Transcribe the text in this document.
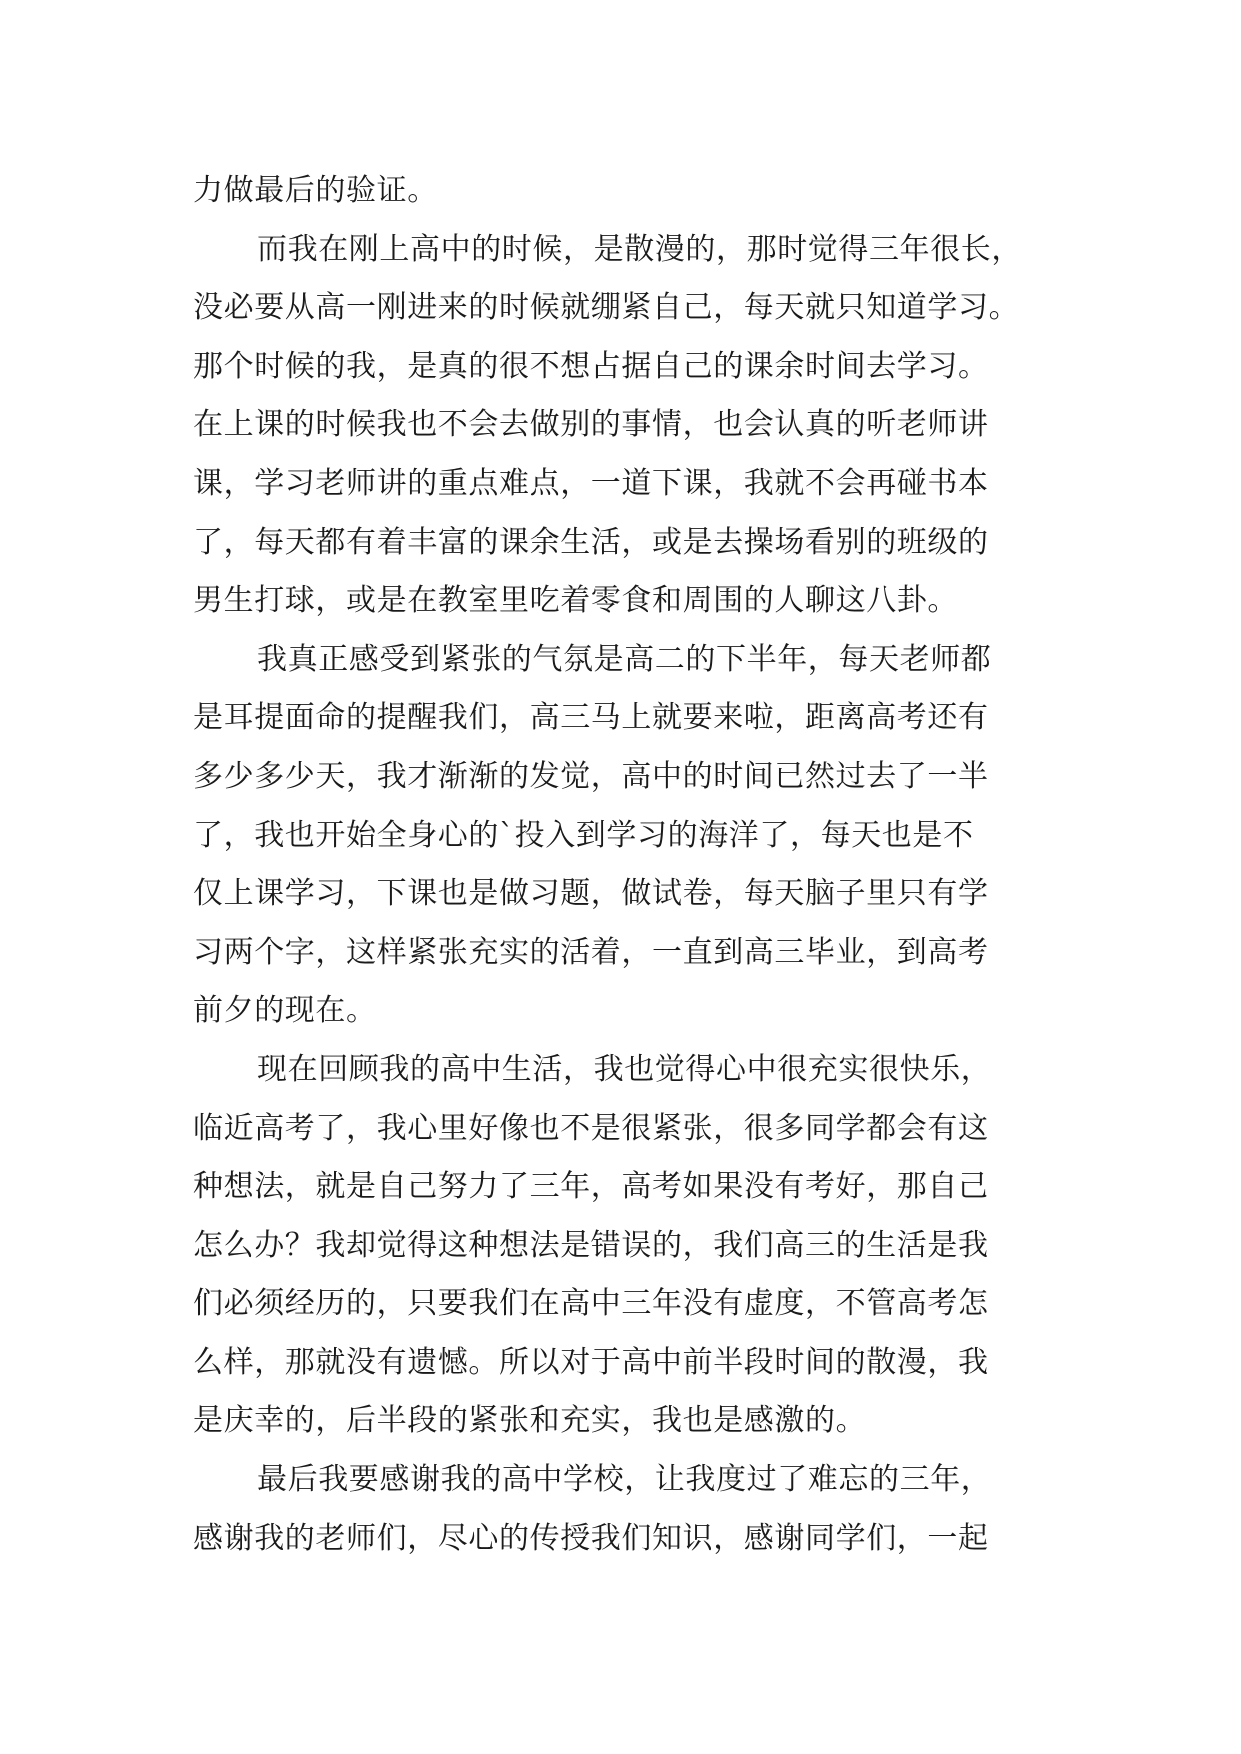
力做最后的验证。
而我在刚上高中的时候，是散漫的，那时觉得三年很长，
没必要从高一刚进来的时候就绷紧自己，每天就只知道学习。
那个时候的我，是真的很不想占据自己的课余时间去学习。
在上课的时候我也不会去做别的事情，也会认真的听老师讲
课，学习老师讲的重点难点，一道下课，我就不会再碰书本
了，每天都有着丰富的课余生活，或是去操场看别的班级的
男生打球，或是在教室里吃着零食和周围的人聊这八卦。
我真正感受到紧张的气氛是高二的下半年，每天老师都
是耳提面命的提醒我们，高三马上就要来啦，距离高考还有
多少多少天，我才渐渐的发觉，高中的时间已然过去了一半
了，我也开始全身心的`投入到学习的海洋了，每天也是不
仅上课学习，下课也是做习题，做试卷，每天脑子里只有学
习两个字，这样紧张充实的活着，一直到高三毕业，到高考
前夕的现在。
现在回顾我的高中生活，我也觉得心中很充实很快乐，
临近高考了，我心里好像也不是很紧张，很多同学都会有这
种想法，就是自己努力了三年，高考如果没有考好，那自己
怎么办？我却觉得这种想法是错误的，我们高三的生活是我
们必须经历的，只要我们在高中三年没有虚度，不管高考怎
么样，那就没有遗憾。所以对于高中前半段时间的散漫，我
是庆幸的，后半段的紧张和充实，我也是感激的。
最后我要感谢我的高中学校，让我度过了难忘的三年，
感谢我的老师们，尽心的传授我们知识，感谢同学们，一起
